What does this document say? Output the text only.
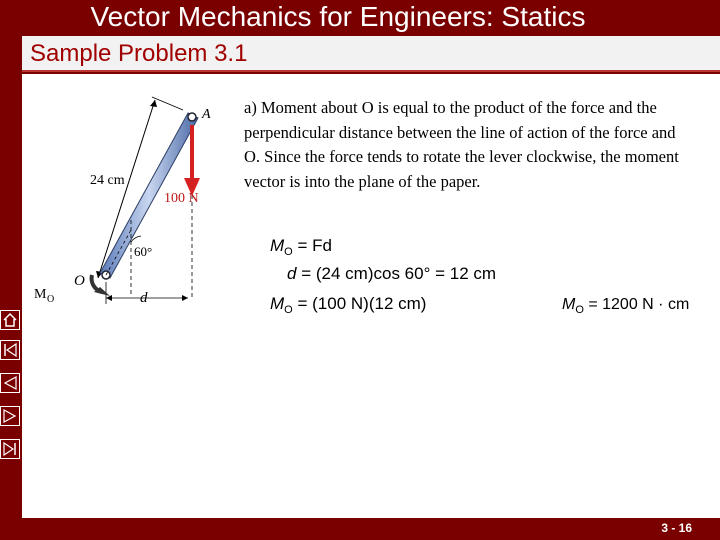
Vector Mechanics for Engineers: Statics
Sample Problem 3.1
A
24 cm
100 N
60°
O
M O	d
a) Moment about O is equal to the product of the force and the perpendicular distance between the line of action of the force and O. Since the force tends to rotate the lever clockwise, the moment vector is into the plane of the paper.
$M_O = Fd$
d = (24 cm)cos 60° = 12 cm
$M_O = (100$ N)(12 cm)	$M_O = 1200$ N · cm
3 - 16
